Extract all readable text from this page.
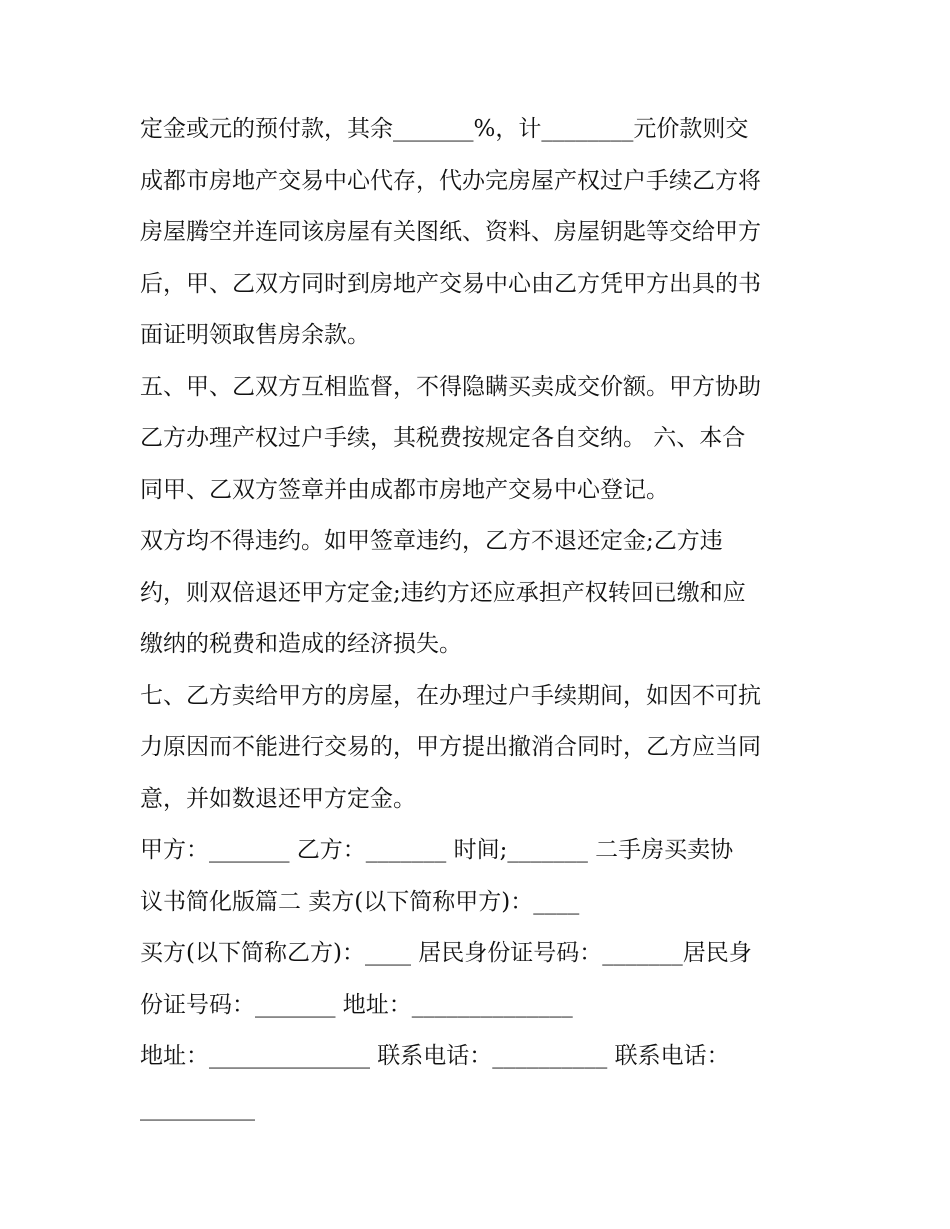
定金或元的预付款，其余_______%，计________元价款则交
成都市房地产交易中心代存，代办完房屋产权过户手续乙方将
房屋腾空并连同该房屋有关图纸、资料、房屋钥匙等交给甲方
后，甲、乙双方同时到房地产交易中心由乙方凭甲方出具的书
面证明领取售房余款。
五、甲、乙双方互相监督，不得隐瞒买卖成交价额。甲方协助
乙方办理产权过户手续，其税费按规定各自交纳。 六、本合
同甲、乙双方签章并由成都市房地产交易中心登记。
双方均不得违约。如甲签章违约，乙方不退还定金;乙方违
约，则双倍退还甲方定金;违约方还应承担产权转回已缴和应
缴纳的税费和造成的经济损失。
七、乙方卖给甲方的房屋，在办理过户手续期间，如因不可抗
力原因而不能进行交易的，甲方提出撤消合同时，乙方应当同
意，并如数退还甲方定金。
甲方：_______ 乙方：_______ 时间;_______ 二手房买卖协
议书简化版篇二 卖方(以下简称甲方)：____
买方(以下简称乙方)：____ 居民身份证号码：_______居民身
份证号码：_______ 地址：______________
地址：______________ 联系电话：__________ 联系电话：
__________
